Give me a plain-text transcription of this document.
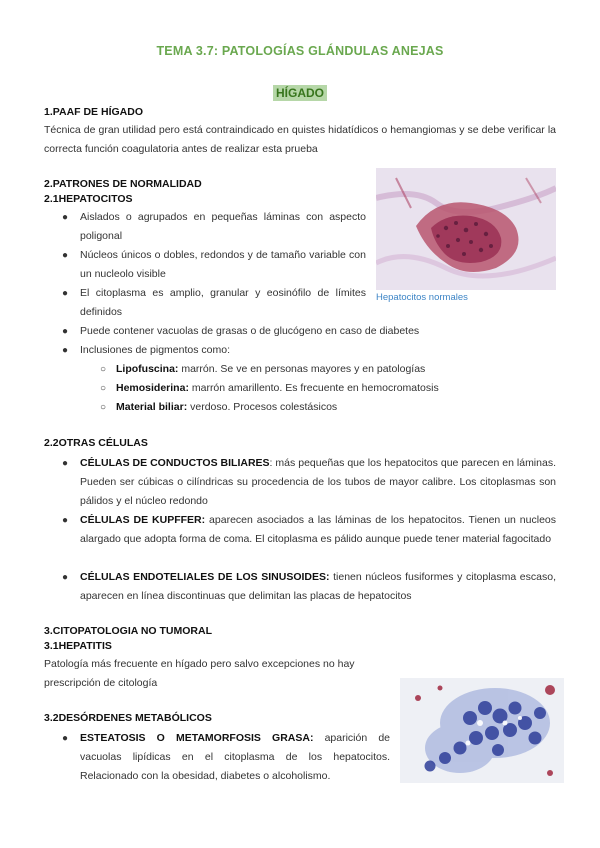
TEMA 3.7: PATOLOGÍAS GLÁNDULAS ANEJAS
HÍGADO
1.PAAF DE HÍGADO
Técnica de gran utilidad pero está contraindicado en quistes hidatídicos o hemangiomas y se debe verificar la correcta función coagulatoria antes de realizar esta prueba
2.PATRONES DE NORMALIDAD
2.1HEPATOCITOS
● Aislados o agrupados en pequeñas láminas con aspecto poligonal
● Núcleos únicos o dobles, redondos y de tamaño variable con un nucleolo visible
● El citoplasma es amplio, granular y eosinófilo de límites definidos
● Puede contener vacuolas de grasas o de glucógeno en caso de diabetes
● Inclusiones de pigmentos como:
○ Lipofuscina: marrón. Se ve en personas mayores y en patologías
○ Hemosiderina: marrón amarillento. Es frecuente en hemocromatosis
○ Material biliar: verdoso. Procesos colestásicos
Hepatocitos normales
2.2OTRAS CÉLULAS
● CÉLULAS DE CONDUCTOS BILIARES: más pequeñas que los hepatocitos que parecen en láminas. Pueden ser cúbicas o cilíndricas su procedencia de los tubos de mayor calibre. Los citoplasmas son pálidos y el núcleo redondo
● CÉLULAS DE KUPFFER: aparecen asociados a las láminas de los hepatocitos. Tienen un nucleos alargado que adopta forma de coma. El citoplasma es pálido aunque puede tener material fagocitado
● CÉLULAS ENDOTELIALES DE LOS SINUSOIDES: tienen núcleos fusiformes y citoplasma escaso, aparecen en línea discontinuas que delimitan las placas de hepatocitos
3.CITOPATOLOGIA NO TUMORAL
3.1HEPATITIS
Patología más frecuente en hígado pero salvo excepciones no hay prescripción de citología
3.2DESÓRDENES METABÓLICOS
● ESTEATOSIS O METAMORFOSIS GRASA: aparición de vacuolas lipídicas en el citoplasma de los hepatocitos. Relacionado con la obesidad, diabetes o alcoholismo.
